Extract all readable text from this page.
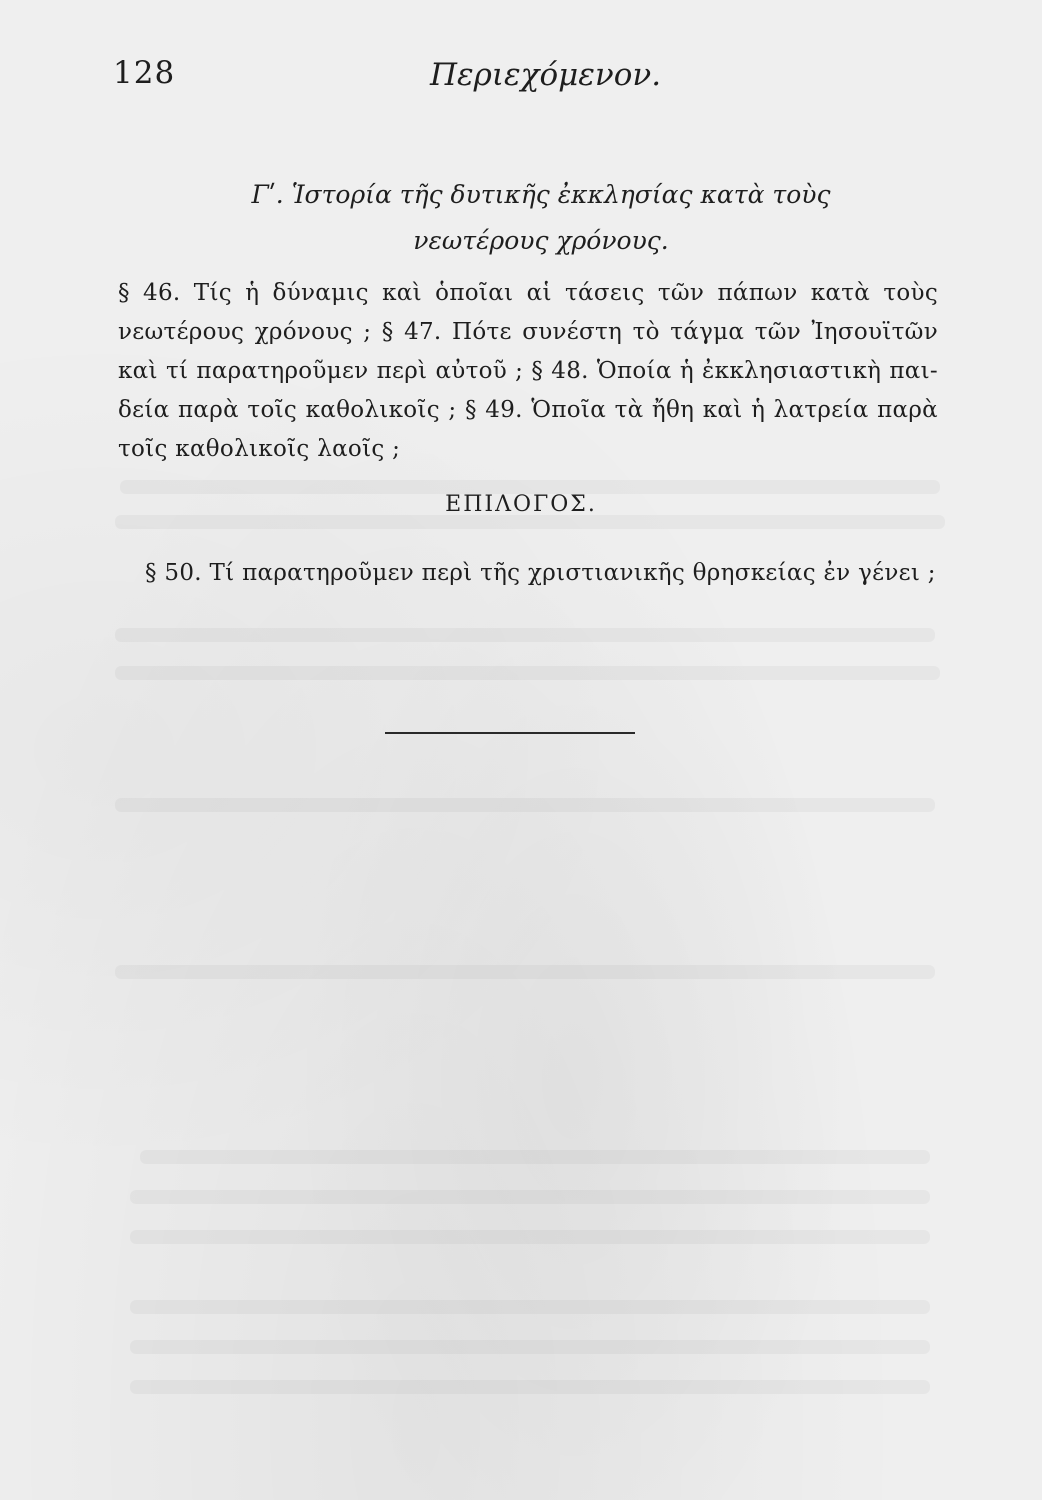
128	Περιεχόμενον.
Γʹ. Ἱστορία τῆς δυτικῆς ἐκκλησίας κατὰ τοὺς
νεωτέρους χρόνους.
§ 46. Τίς ἡ δύναμις καὶ ὁποῖαι αἱ τάσεις τῶν πάπων κατὰ τοὺς
νεωτέρους χρόνους ; § 47. Πότε συνέστη τὸ τάγμα τῶν Ἰησουϊτῶν
καὶ τί παρατηροῦμεν περὶ αὐτοῦ ; § 48. Ὁποία ἡ ἐκκλησιαστικὴ παι-
δεία παρὰ τοῖς καθολικοῖς ; § 49. Ὁποῖα τὰ ἤθη καὶ ἡ λατρεία παρὰ
τοῖς καθολικοῖς λαοῖς ;
ΕΠΙΛΟΓΟΣ.
§ 50. Τί παρατηροῦμεν περὶ τῆς χριστιανικῆς θρησκείας ἐν γένει ;
